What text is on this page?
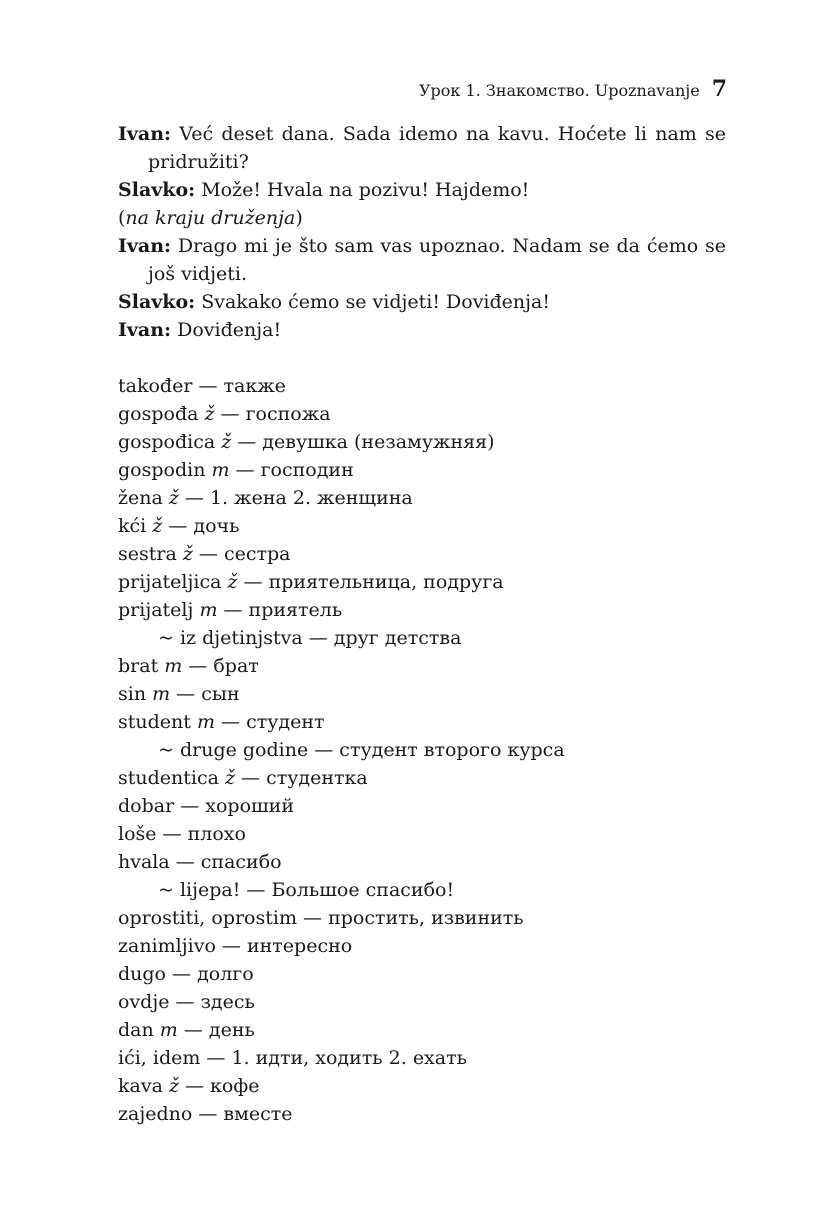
Урок 1. Знакомство. Upoznavanje 7

Ivan: Već deset dana. Sada idemo na kavu. Hoćete li nam se pridružiti?

Slavko: Može! Hvala na pozivu! Hajdemo!

(na kraju druženja)

Ivan: Drago mi je što sam vas upoznao. Nadam se da ćemo se još vidjeti.

Slavko: Svakako ćemo se vidjeti! Doviđenja!

Ivan: Doviđenja!

također — также
gospođa ž — госпожа
gospođica ž — девушка (незамужняя)
gospodin m — господин
žena ž — 1. жена 2. женщина
kći ž — дочь
sestra ž — сестра
prijateljica ž — приятельница, подруга
prijatelj m — приятель
~ iz djetinjstva — друг детства
brat m — брат
sin m — сын
student m — студент
~ druge godine — студент второго курса
studentica ž — студентка
dobar — хороший
loše — плохо
hvala — спасибо
~ lijepa! — Большое спасибо!
oprostiti, oprostim — простить, извинить
zanimljivo — интересно
dugo — долго
ovdje — здесь
dan m — день
ići, idem — 1. идти, ходить 2. ехать
kava ž — кофе
zajedno — вместе
